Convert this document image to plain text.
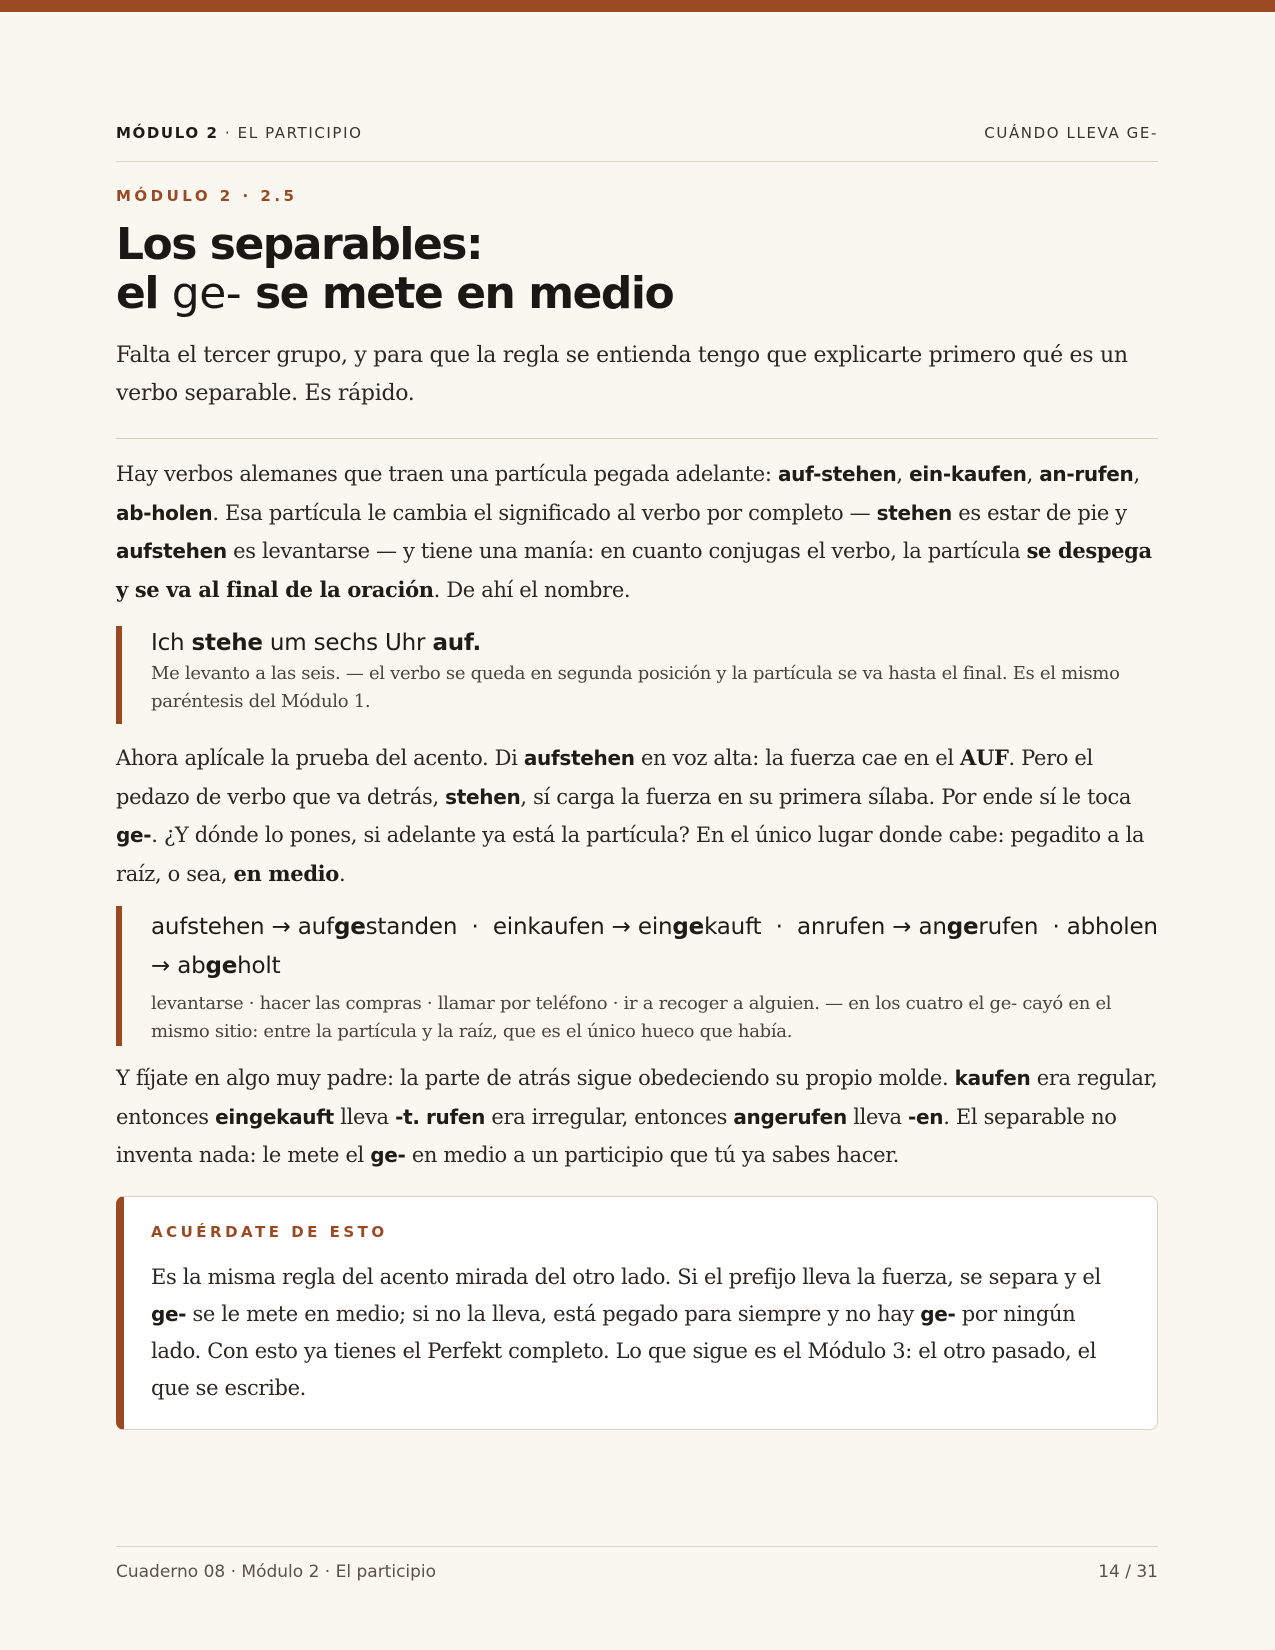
MÓDULO 2 · EL PARTICIPIO	CUÁNDO LLEVA GE-
MÓDULO 2 · 2.5
Los separables:
el ge- se mete en medio

Falta el tercer grupo, y para que la regla se entienda tengo que explicarte primero qué es un verbo separable. Es rápido.

Hay verbos alemanes que traen una partícula pegada adelante: auf-stehen, ein-kaufen, an-rufen, ab-holen. Esa partícula le cambia el significado al verbo por completo — stehen es estar de pie y aufstehen es levantarse — y tiene una manía: en cuanto conjugas el verbo, la partícula se despega y se va al final de la oración. De ahí el nombre.

Ich stehe um sechs Uhr auf.
Me levanto a las seis. — el verbo se queda en segunda posición y la partícula se va hasta el final. Es el mismo paréntesis del Módulo 1.

Ahora aplícale la prueba del acento. Di aufstehen en voz alta: la fuerza cae en el AUF. Pero el pedazo de verbo que va detrás, stehen, sí carga la fuerza en su primera sílaba. Por ende sí le toca ge-. ¿Y dónde lo pones, si adelante ya está la partícula? En el único lugar donde cabe: pegadito a la raíz, o sea, en medio.

aufstehen → aufgestanden · einkaufen → eingekauft · anrufen → angerufen · abholen → abgeholt
levantarse · hacer las compras · llamar por teléfono · ir a recoger a alguien. — en los cuatro el ge- cayó en el mismo sitio: entre la partícula y la raíz, que es el único hueco que había.

Y fíjate en algo muy padre: la parte de atrás sigue obedeciendo su propio molde. kaufen era regular, entonces eingekauft lleva -t. rufen era irregular, entonces angerufen lleva -en. El separable no inventa nada: le mete el ge- en medio a un participio que tú ya sabes hacer.

ACUÉRDATE DE ESTO

Es la misma regla del acento mirada del otro lado. Si el prefijo lleva la fuerza, se separa y el ge- se le mete en medio; si no la lleva, está pegado para siempre y no hay ge- por ningún lado. Con esto ya tienes el Perfekt completo. Lo que sigue es el Módulo 3: el otro pasado, el que se escribe.

Cuaderno 08 · Módulo 2 · El participio	14 / 31
